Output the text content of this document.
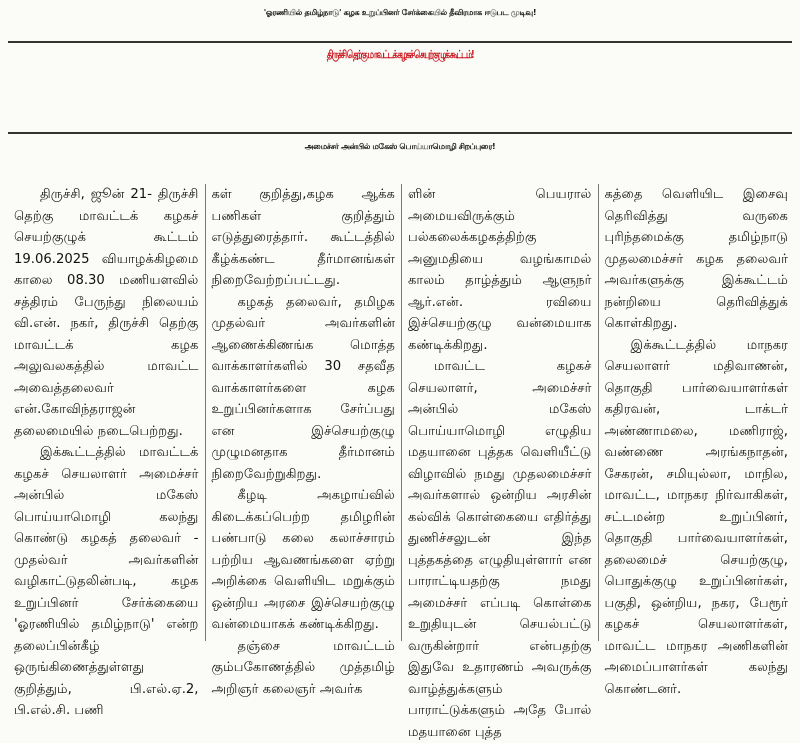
'ஓரணியில் தமிழ்நாடு' கழக உறுப்பினர் சேர்க்கையில் தீவிரமாக ஈடுபட முடிவு!
திருச்சி தெற்கு மாவட்டக் கழகச் செயற்குழுக் கூட்டம்!
அமைச்சர் அன்பில் மகேஸ் பொய்யாமொழி சிறப்புரை!

திருச்சி, ஜூன் 21- திருச்சி தெற்கு மாவட்டக் கழகச் செயற்குழுக் கூட்டம் 19.06.2025 வியாழக்கிழமை காலை 08.30 மணியளவில் சத்திரம் பேருந்து நிலையம் வி.என். நகர், திருச்சி தெற்கு மாவட்டக் கழக அலுவலகத்தில் மாவட்ட அவைத்தலைவர் என்.கோவிந்தராஜன் தலைமையில் நடைபெற்றது.

இக்கூட்டத்தில் மாவட்டக் கழகச் செயலாளர் அமைச்சர் அன்பில் மகேஸ் பொய்யாமொழி கலந்து கொண்டு கழகத் தலைவர் - முதல்வர் அவர்களின் வழிகாட்டுதலின்படி, கழக உறுப்பினர் சேர்க்கையை 'ஓரணியில் தமிழ்நாடு' என்ற தலைப்பின்கீழ் ஒருங்கிணைத்துள்ளது குறித்தும், பி.எல்.ஏ.2, பி.எல்.சி. பணி

கள் குறித்து,கழக ஆக்க பணிகள் குறித்தும் எடுத்துரைத்தார். கூட்டத்தில் கீழ்க்கண்ட தீர்மானங்கள் நிறைவேற்றப்பட்டது.

கழகத் தலைவர், தமிழக முதல்வர் அவர்களின் ஆணைக்கிணங்க மொத்த வாக்காளர்களில் 30 சதவீத வாக்காளர்களை கழக உறுப்பினர்களாக சேர்ப்பது என இச்செயற்குழு முழுமனதாக தீர்மானம் நிறைவேற்றுகிறது.

கீழடி அகழாய்வில் கிடைக்கப்பெற்ற தமிழரின் பண்பாடு கலை கலாச்சாரம் பற்றிய ஆவணங்களை ஏற்று அறிக்கை வெளியிட மறுக்கும் ஒன்றிய அரசை இச்செயற்குழு வன்மையாகக் கண்டிக்கிறது.

தஞ்சை மாவட்டம் கும்பகோணத்தில் முத்தமிழ் அறிஞர் கலைஞர் அவர்க

ளின் பெயரால் அமையவிருக்கும் பல்கலைக்கழகத்திற்கு அனுமதியை வழங்காமல் காலம் தாழ்த்தும் ஆளுநர் ஆர்.என். ரவியை இச்செயற்குழு வன்மையாக கண்டிக்கிறது.

மாவட்ட கழகச் செயலாளர், அமைச்சர் அன்பில் மகேஸ் பொய்யாமொழி எழுதிய மதயானை புத்தக வெளியீட்டு விழாவில் நமது முதலமைச்சர் அவர்களால் ஒன்றிய அரசின் கல்விக் கொள்கையை எதிர்த்து துணிச்சலுடன் இந்த புத்தகத்தை எழுதியுள்ளார் என பாராட்டியதற்கு நமது அமைச்சர் எப்படி கொள்கை உறுதியுடன் செயல்பட்டு வருகின்றார் என்பதற்கு இதுவே உதாரணம் அவருக்கு வாழ்த்துக்களும் பாராட்டுக்களும் அதே போல் மதயானை புத்த

கத்தை வெளியிட இசைவு தெரிவித்து வருகை புரிந்தமைக்கு தமிழ்நாடு முதலமைச்சர் கழக தலைவர் அவர்களுக்கு இக்கூட்டம் நன்றியை தெரிவித்துக் கொள்கிறது.

இக்கூட்டத்தில் மாநகர செயலாளர் மதிவாணன், தொகுதி பார்வையாளர்கள் கதிரவன், டாக்டர் அண்ணாமலை, மணிராஜ், வண்ணை அரங்கநாதன், சேகரன், சமியுல்லா, மாநில, மாவட்ட, மாநகர நிர்வாகிகள், சட்டமன்ற உறுப்பினர், தொகுதி பார்வையாளர்கள், தலைமைச் செயற்குழு, பொதுக்குழு உறுப்பினர்கள், பகுதி, ஒன்றிய, நகர, பேரூர் கழகச் செயலாளர்கள், மாவட்ட மாநகர அணிகளின் அமைப்பாளர்கள் கலந்து கொண்டனர்.
